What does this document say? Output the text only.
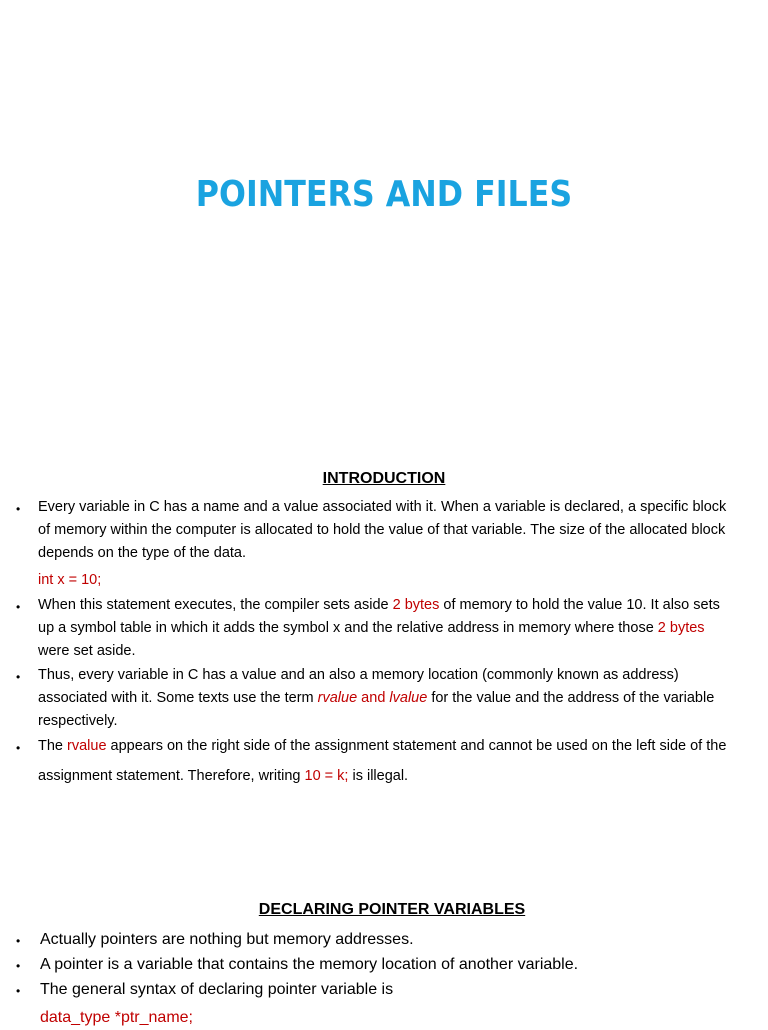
POINTERS AND FILES
INTRODUCTION
• Every variable in C has a name and a value associated with it. When a variable is declared, a specific block of memory within the computer is allocated to hold the value of that variable. The size of the allocated block depends on the type of the data.

int x = 10;

• When this statement executes, the compiler sets aside 2 bytes of memory to hold the value 10. It also sets up a symbol table in which it adds the symbol x and the relative address in memory where those 2 bytes
were set aside.

• Thus, every variable in C has a value and an also a memory location (commonly known as address) associated with it. Some texts use the term rvalue and lvalue for the value and the address of the variable respectively.

• The rvalue appears on the right side of the assignment statement and cannot be used on the left side of the

assignment statement. Therefore, writing 10 = k; is illegal.

DECLARING POINTER VARIABLES
• Actually pointers are nothing but memory addresses.

• A pointer is a variable that contains the memory location of another variable.

• The general syntax of declaring pointer variable is

data_type *ptr_name;
